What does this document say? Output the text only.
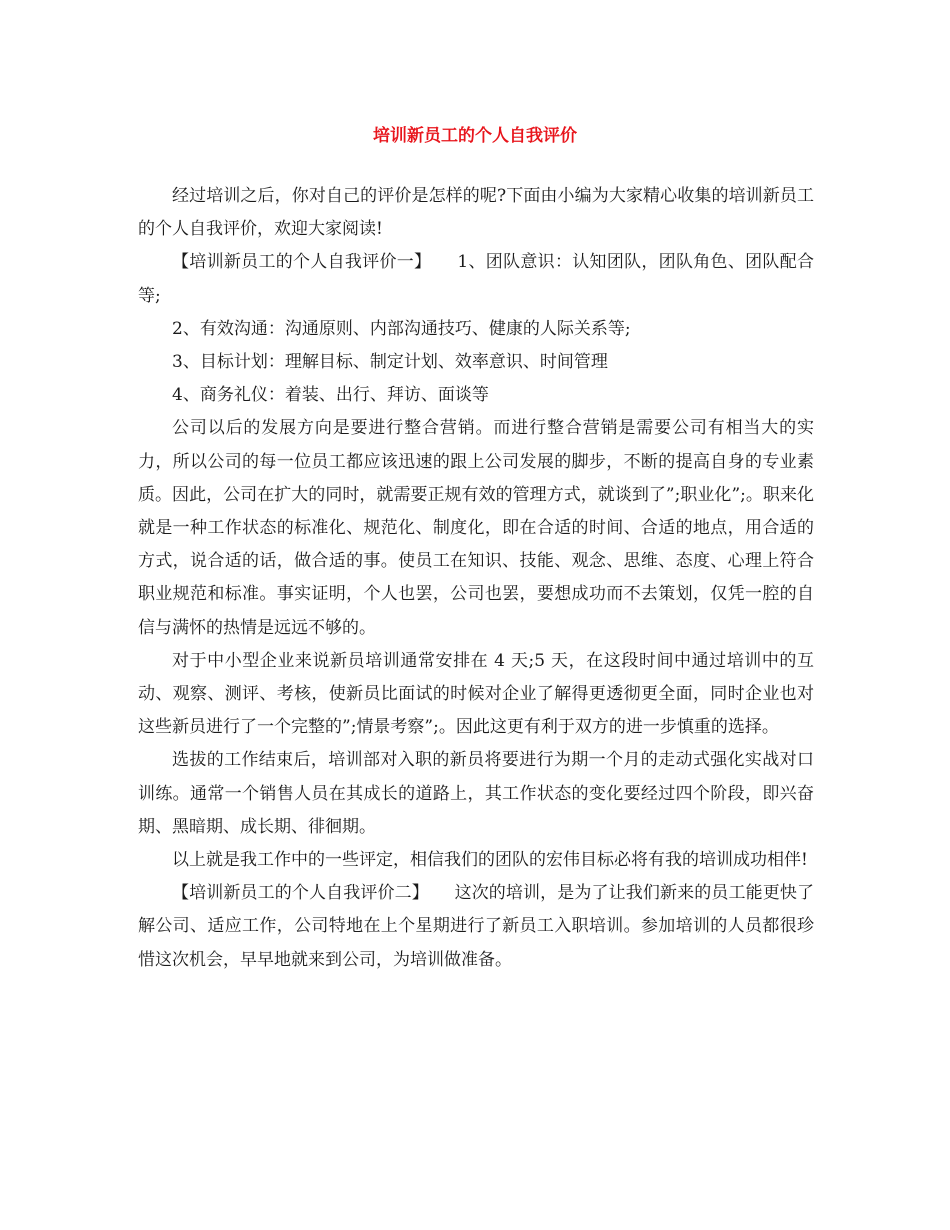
培训新员工的个人自我评价

经过培训之后，你对自己的评价是怎样的呢?下面由小编为大家精心收集的培训新员工的个人自我评价，欢迎大家阅读!

【培训新员工的个人自我评价一】　　1、团队意识：认知团队，团队角色、团队配合等;

2、有效沟通：沟通原则、内部沟通技巧、健康的人际关系等;

3、目标计划：理解目标、制定计划、效率意识、时间管理

4、商务礼仪：着装、出行、拜访、面谈等

公司以后的发展方向是要进行整合营销。而进行整合营销是需要公司有相当大的实力，所以公司的每一位员工都应该迅速的跟上公司发展的脚步，不断的提高自身的专业素质。因此，公司在扩大的同时，就需要正规有效的管理方式，就谈到了”;职业化”;。职来化就是一种工作状态的标准化、规范化、制度化，即在合适的时间、合适的地点，用合适的方式，说合适的话，做合适的事。使员工在知识、技能、观念、思维、态度、心理上符合职业规范和标准。事实证明，个人也罢，公司也罢，要想成功而不去策划，仅凭一腔的自信与满怀的热情是远远不够的。

对于中小型企业来说新员培训通常安排在 4 天;5 天，在这段时间中通过培训中的互动、观察、测评、考核，使新员比面试的时候对企业了解得更透彻更全面，同时企业也对这些新员进行了一个完整的”;情景考察”;。因此这更有利于双方的进一步慎重的选择。

选拔的工作结束后，培训部对入职的新员将要进行为期一个月的走动式强化实战对口训练。通常一个销售人员在其成长的道路上，其工作状态的变化要经过四个阶段，即兴奋期、黑暗期、成长期、徘徊期。

以上就是我工作中的一些评定，相信我们的团队的宏伟目标必将有我的培训成功相伴!

【培训新员工的个人自我评价二】　　这次的培训，是为了让我们新来的员工能更快了解公司、适应工作，公司特地在上个星期进行了新员工入职培训。参加培训的人员都很珍惜这次机会，早早地就来到公司，为培训做准备。
